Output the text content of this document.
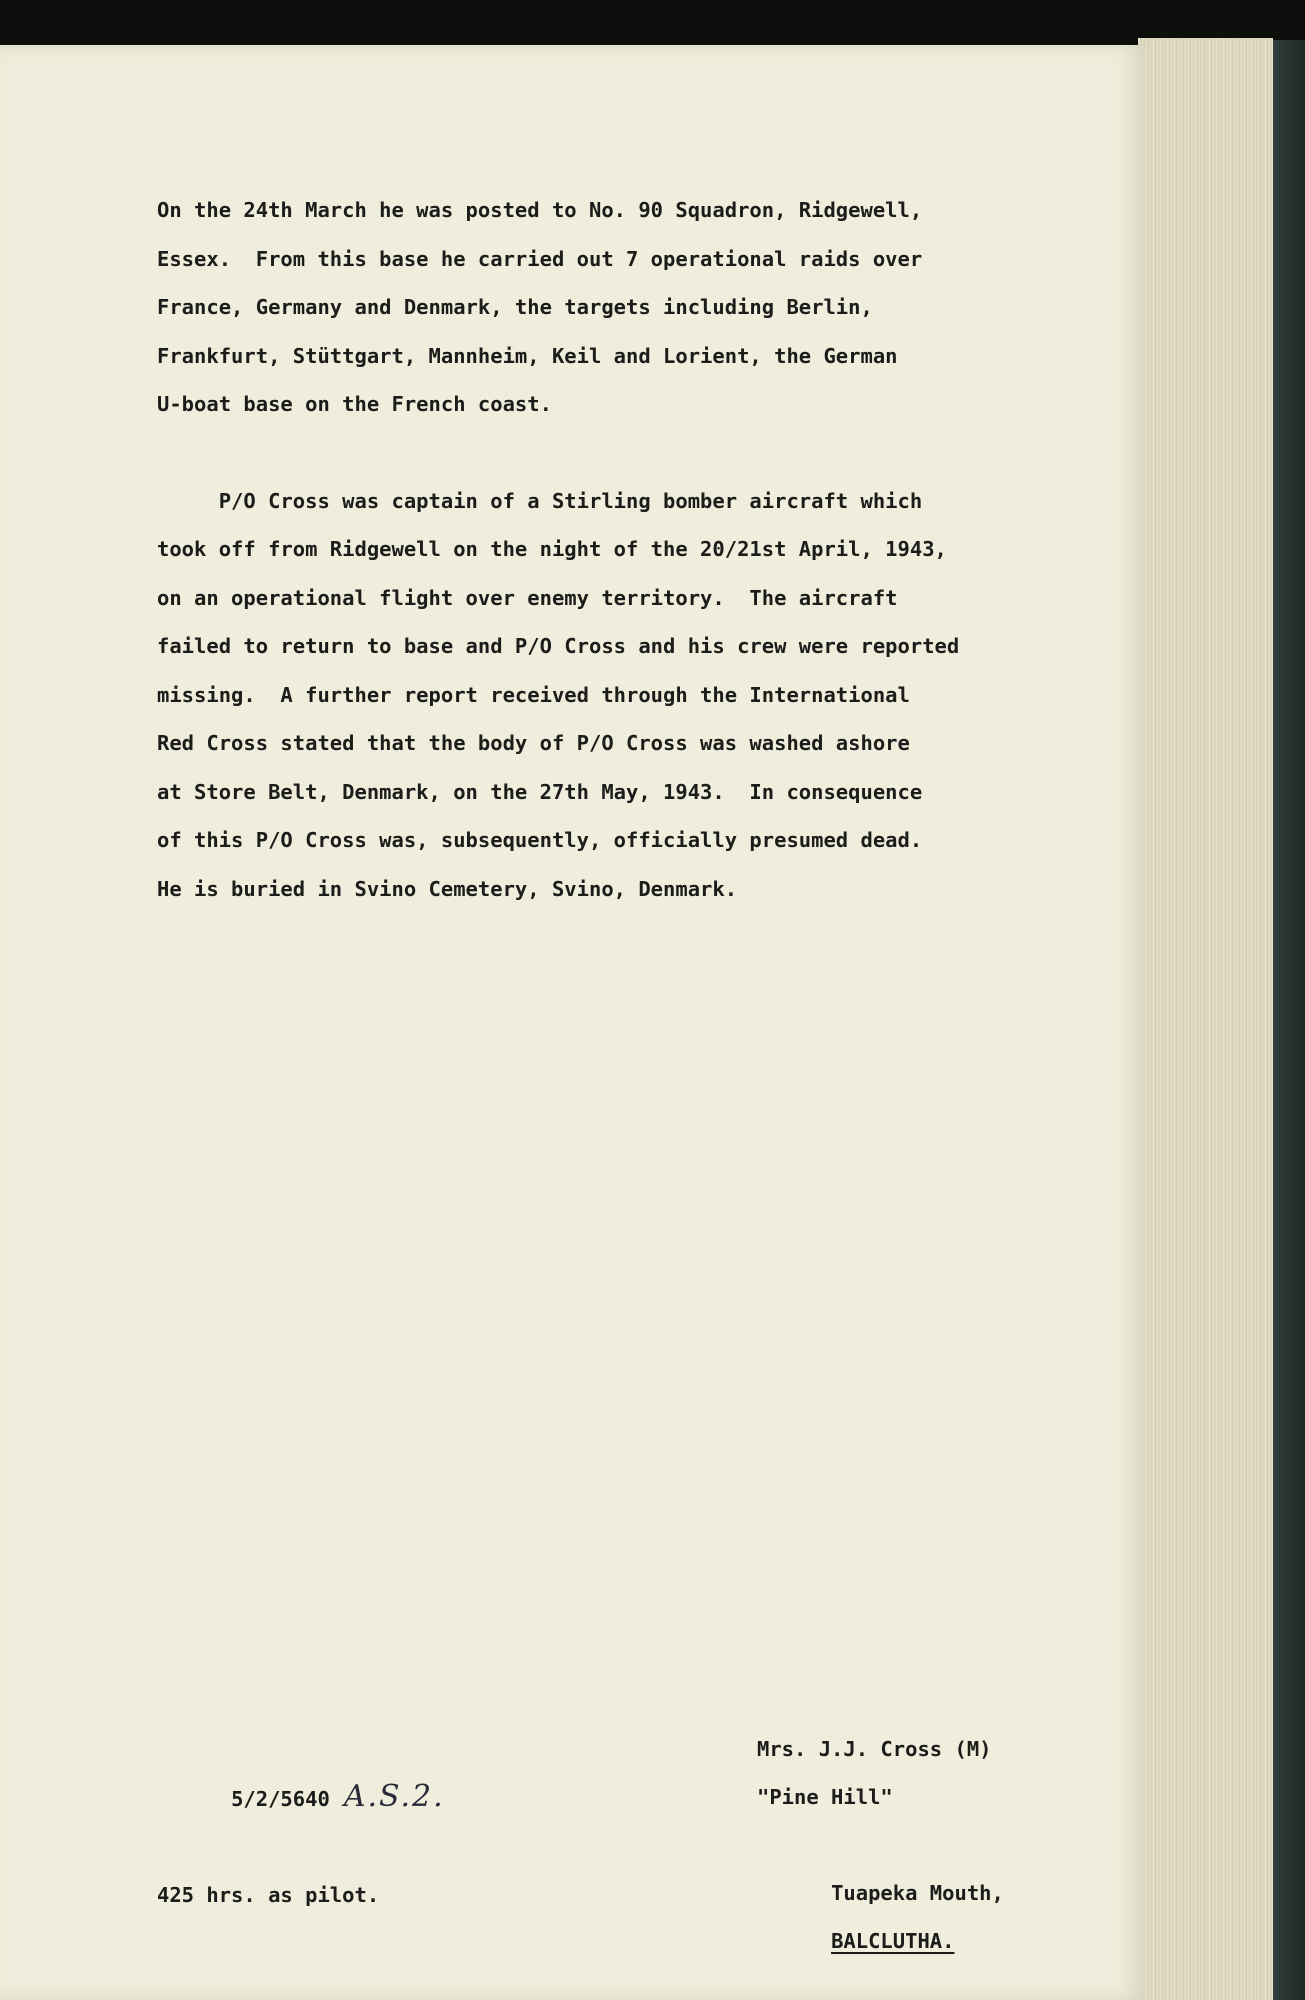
On the 24th March he was posted to No. 90 Squadron, Ridgewell,

Essex.  From this base he carried out 7 operational raids over

France, Germany and Denmark, the targets including Berlin,

Frankfurt, Stüttgart, Mannheim, Keil and Lorient, the German

U-boat base on the French coast.

P/O Cross was captain of a Stirling bomber aircraft which

took off from Ridgewell on the night of the 20/21st April, 1943,

on an operational flight over enemy territory.  The aircraft

failed to return to base and P/O Cross and his crew were reported

missing.  A further report received through the International

Red Cross stated that the body of P/O Cross was washed ashore

at Store Belt, Denmark, on the 27th May, 1943.  In consequence

of this P/O Cross was, subsequently, officially presumed dead.

He is buried in Svino Cemetery, Svino, Denmark.

5/2/5640 A.S.2.

425 hrs. as pilot.
Mrs. J.J. Cross (M)
"Pine Hill"

Tuapeka Mouth,
BALCLUTHA.
